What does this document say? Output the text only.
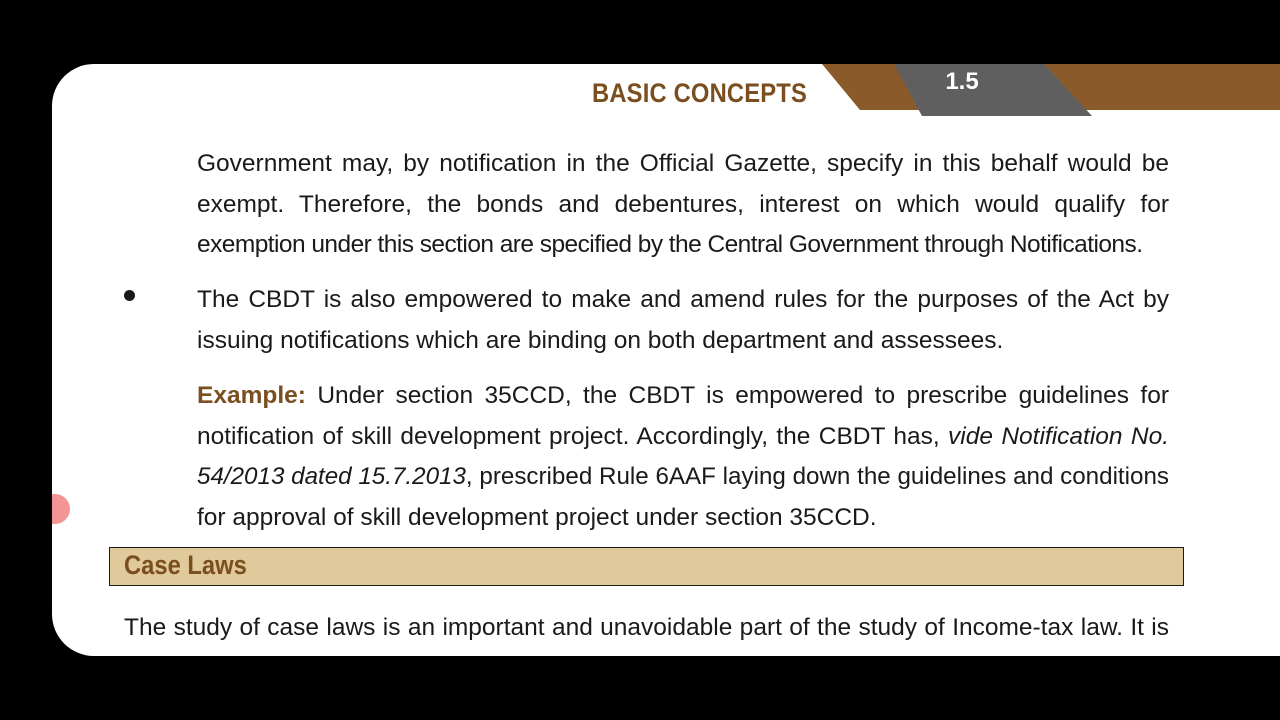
BASIC CONCEPTS	1.5
Government may, by notification in the Official Gazette, specify in this behalf would be
exempt. Therefore, the bonds and debentures, interest on which would qualify for
exemption under this section are specified by the Central Government through Notifications.
The CBDT is also empowered to make and amend rules for the purposes of the Act by
issuing notifications which are binding on both department and assessees.
Example: Under section 35CCD, the CBDT is empowered to prescribe guidelines for
notification of skill development project. Accordingly, the CBDT has, vide Notification No.
54/2013 dated 15.7.2013, prescribed Rule 6AAF laying down the guidelines and conditions
for approval of skill development project under section 35CCD.
Case Laws
The study of case laws is an important and unavoidable part of the study of Income-tax law. It is
